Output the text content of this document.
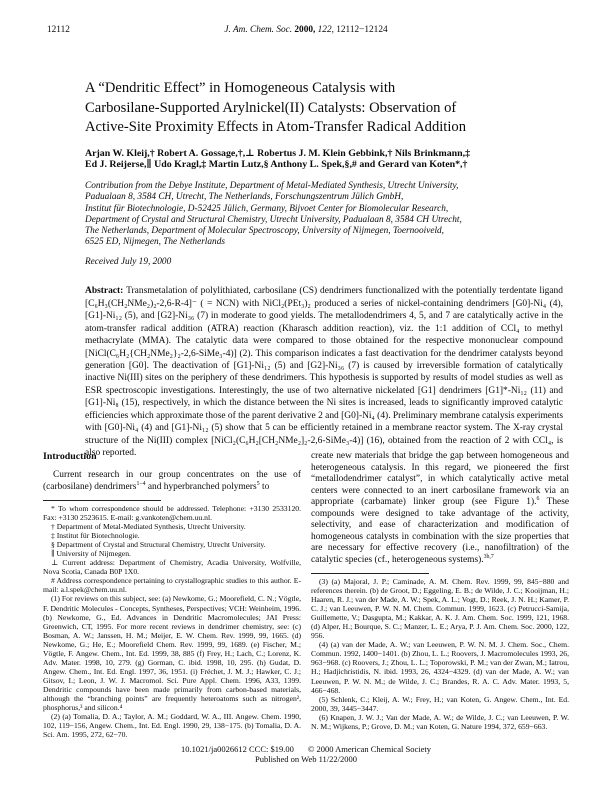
12112	J. Am. Chem. Soc. 2000, 122, 12112−12124
A “Dendritic Effect” in Homogeneous Catalysis with
Carbosilane-Supported Arylnickel(II) Catalysts: Observation of
Active-Site Proximity Effects in Atom-Transfer Radical Addition
Arjan W. Kleij,† Robert A. Gossage,†,⊥ Robertus J. M. Klein Gebbink,† Nils Brinkmann,‡
Ed J. Reijerse,∥ Udo Kragl,‡ Martin Lutz,§ Anthony L. Spek,§,# and Gerard van Koten*,†
Contribution from the Debye Institute, Department of Metal-Mediated Synthesis, Utrecht University,
Padualaan 8, 3584 CH, Utrecht, The Netherlands, Forschungszentrum Jülich GmbH,
Institut für Biotechnologie, D-52425 Jülich, Germany, Bijvoet Center for Biomolecular Research,
Department of Crystal and Structural Chemistry, Utrecht University, Padualaan 8, 3584 CH Utrecht,
The Netherlands, Department of Molecular Spectroscopy, University of Nijmegen, Toernooiveld,
6525 ED, Nijmegen, The Netherlands
Received July 19, 2000

Abstract: Transmetalation of polylithiated, carbosilane (CS) dendrimers functionalized with the potentially terdentate ligand [C₆H₃(CH₂NMe₂)₂-2,6-R-4]⁻ ( = NCN) with NiCl₂(PEt₃)₂ produced a series of nickel-containing dendrimers [G0]-Ni₄ (4), [G1]-Ni₁₂ (5), and [G2]-Ni₃₆ (7) in moderate to good yields. The metallodendrimers 4, 5, and 7 are catalytically active in the atom-transfer radical addition (ATRA) reaction (Kharasch addition reaction), viz. the 1:1 addition of CCl₄ to methyl methacrylate (MMA). The catalytic data were compared to those obtained for the respective mononuclear compound [NiCl(C₆H₂{CH₂NMe₂}₂-2,6-SiMe₃-4)] (2). This comparison indicates a fast deactivation for the dendrimer catalysts beyond generation [G0]. The deactivation of [G1]-Ni₁₂ (5) and [G2]-Ni₃₆ (7) is caused by irreversible formation of catalytically inactive Ni(III) sites on the periphery of these dendrimers. This hypothesis is supported by results of model studies as well as ESR spectroscopic investigations. Interestingly, the use of two alternative nickelated [G1] dendrimers [G1]*-Ni₁₂ (11) and [G1]-Ni₈ (15), respectively, in which the distance between the Ni sites is increased, leads to significantly improved catalytic efficiencies which approximate those of the parent derivative 2 and [G0]-Ni₄ (4). Preliminary membrane catalysis experiments with [G0]-Ni₄ (4) and [G1]-Ni₁₂ (5) show that 5 can be efficiently retained in a membrane reactor system. The X-ray crystal structure of the Ni(III) complex [NiCl₂(C₆H₂[CH₂NMe₂]₂-2,6-SiMe₃-4)] (16), obtained from the reaction of 2 with CCl₄, is also reported.

Introduction

Current research in our group concentrates on the use of (carbosilane) dendrimers$^{1-4}$ and hyperbranched polymers$^5$ to

* To whom correspondence should be addressed. Telephone: +3130 2533120. Fax: +3130 2523615. E-mail: g.vankoten@chem.uu.nl.

† Department of Metal-Mediated Synthesis, Utrecht University.

‡ Institut für Biotechnologie.

§ Department of Crystal and Structural Chemistry, Utrecht University.

∥ University of Nijmegen.

⊥ Current address: Department of Chemistry, Acadia University, Wolfville, Nova Scotia, Canada B0P 1X0.

# Address correspondence pertaining to crystallographic studies to this author. E-mail: a.l.spek@chem.uu.nl.

(1) For reviews on this subject, see: (a) Newkome, G.; Moorefield, C. N.; Vögtle, F. Dendritic Molecules - Concepts, Syntheses, Perspectives; VCH: Weinheim, 1996. (b) Newkome, G., Ed. Advances in Dendritic Macromolecules; JAI Press: Greenwich, CT, 1995. For more recent reviews in dendrimer chemistry, see: (c) Bosman, A. W.; Janssen, H. M.; Meijer, E. W. Chem. Rev. 1999, 99, 1665. (d) Newkome, G.; He, E.; Moorefield Chem. Rev. 1999, 99, 1689. (e) Fischer, M.; Vögtle, F. Angew. Chem., Int. Ed. 1999, 38, 885 (f) Frey, H.; Lach, C.; Lorenz, K. Adv. Mater. 1998, 10, 279. (g) Gorman, C. ibid. 1998, 10, 295. (h) Gudat, D. Angew. Chem., Int. Ed. Engl. 1997, 36, 1951. (i) Fréchet, J. M. J.; Hawker, C. J.; Gitsov, I.; Leon, J. W. J. Macromol. Sci. Pure Appl. Chem. 1996, A33, 1399. Dendritic compounds have been made primarily from carbon-based materials, although the “branching points” are frequently heteroatoms such as nitrogen², phosphorus,³ and silicon.⁴

(2) (a) Tomalia, D. A.; Taylor, A. M.; Goddard, W. A., III. Angew. Chem. 1990, 102, 119−156, Angew. Chem., Int. Ed. Engl. 1990, 29, 138−175. (b) Tomalia, D. A. Sci. Am. 1995, 272, 62−70.

create new materials that bridge the gap between homogeneous and heterogeneous catalysis. In this regard, we pioneered the first “metallodendrimer catalyst”, in which catalytically active metal centers were connected to an inert carbosilane framework via an appropriate (carbamate) linker group (see Figure 1).$^6$ These compounds were designed to take advantage of the activity, selectivity, and ease of characterization and modification of homogeneous catalysts in combination with the size properties that are necessary for effective recovery (i.e., nanofiltration) of the catalytic species (cf., heterogeneous systems).$^{3b,7}$

(3) (a) Majoral, J. P.; Caminade, A. M. Chem. Rev. 1999, 99, 845−880 and references therein. (b) de Groot, D.; Eggeling, E. B.; de Wilde, J. C.; Kooijman, H.; Haaren, R. J.; van der Made, A. W.; Spek, A. L.; Vogt, D.; Reek, J. N. H.; Kamer, P. C. J.; van Leeuwen, P. W. N. M. Chem. Commun. 1999, 1623. (c) Petrucci-Samija, Guillemette, V.; Dasgupta, M.; Kakkar, A. K. J. Am. Chem. Soc. 1999, 121, 1968. (d) Alper, H.; Bourque, S. C.; Manzer, L. E.; Arya, P. J. Am. Chem. Soc. 2000, 122, 956.

(4) (a) van der Made, A. W.; van Leeuwen, P. W. N. M. J. Chem. Soc., Chem. Commun. 1992, 1400−1401. (b) Zhou, L. L.; Roovers, J. Macromolecules 1993, 26, 963−968. (c) Roovers, J.; Zhou, L. L.; Toporowski, P. M.; van der Zwan, M.; Iatrou, H.; Hadjichristidis, N. ibid. 1993, 26, 4324−4329. (d) van der Made, A. W.; van Leeuwen, P. W. N. M.; de Wilde, J. C.; Brandes, R. A. C. Adv. Mater. 1993, 5, 466−468.

(5) Schlenk, C.; Kleij, A. W.; Frey, H.; van Koten, G. Angew. Chem., Int. Ed. 2000, 39, 3445−3447.

(6) Knapen, J. W. J.; Van der Made, A. W.; de Wilde, J. C.; van Leeuwen, P. W. N. M.; Wijkens, P.; Grove, D. M.; van Koten, G. Nature 1994, 372, 659−663.

10.1021/ja0026612 CCC: $19.00 © 2000 American Chemical Society
Published on Web 11/22/2000
